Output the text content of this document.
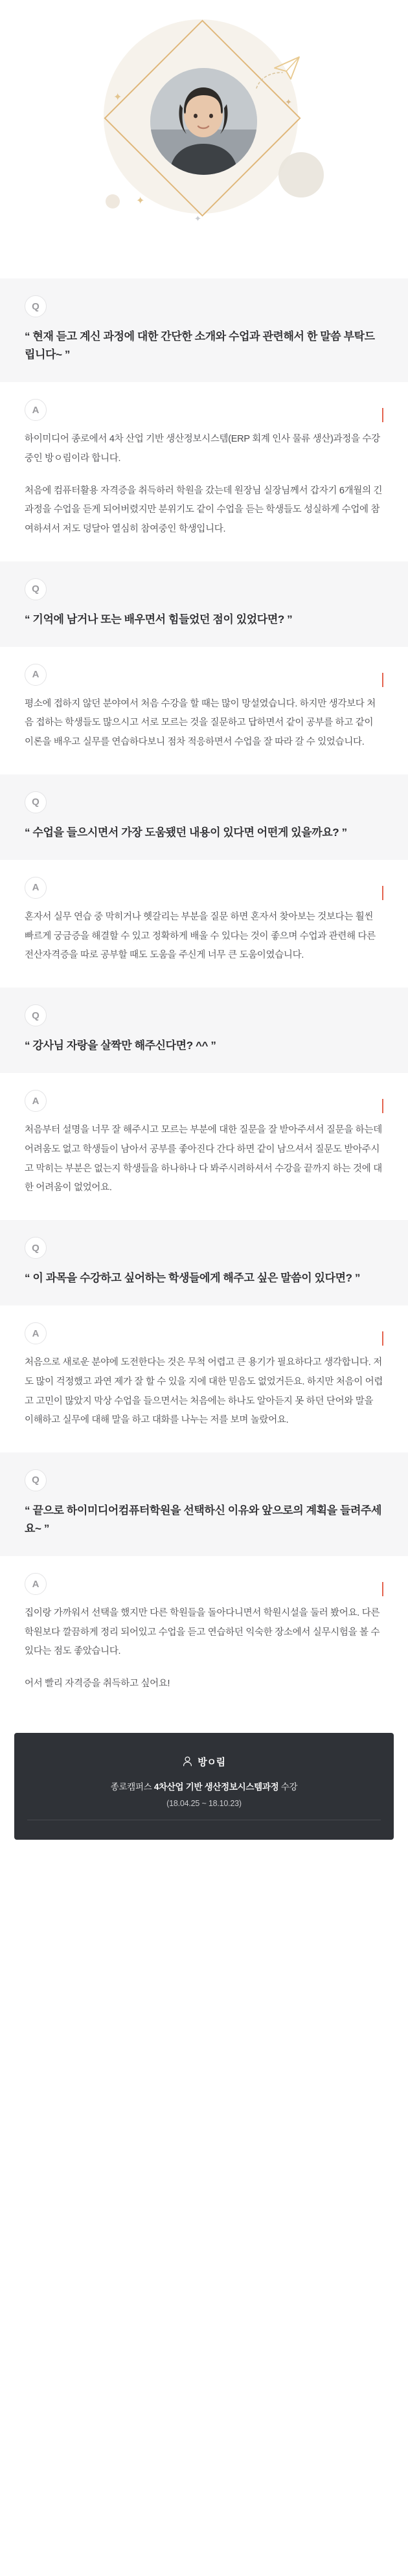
✦
✦
✦
✦
Q
“ 현재 듣고 계신 과정에 대한 간단한 소개와 수업과 관련해서 한 말씀 부탁드립니다~ ”
A

하이미디어 종로에서 4차 산업 기반 생산정보시스템(ERP 회계 인사 물류 생산)과정을 수강중인 방ㅇ림이라 합니다.

처음에 컴퓨터활용 자격증을 취득하러 학원을 갔는데 원장님 실장님께서 갑자기 6개월의 긴 과정을 수업을 듣게 되어버렸지만 분위기도 같이 수업을 듣는 학생들도 성실하게 수업에 참여하셔서 저도 덩달아 열심히 참여중인 학생입니다.

Q
“ 기억에 남거나 또는 배우면서 힘들었던 점이 있었다면? ”
A

평소에 접하지 않던 분야여서 처음 수강을 할 때는 많이 망설였습니다. 하지만 생각보다 처음 접하는 학생들도 많으시고 서로 모르는 것을 질문하고 답하면서 같이 공부를 하고 같이 이론을 배우고 실무를 연습하다보니 점차 적응하면서 수업을 잘 따라 갈 수 있었습니다.

Q
“ 수업을 들으시면서 가장 도움됐던 내용이 있다면 어떤게 있을까요? ”
A

혼자서 실무 연습 중 막히거나 헷갈리는 부분을 질문 하면 혼자서 찾아보는 것보다는 훨씬 빠르게 궁금증을 해결할 수 있고 정확하게 배울 수 있다는 것이 좋으며 수업과 관련해 다른 전산자격증을 따로 공부할 때도 도움을 주신게 너무 큰 도움이였습니다.

Q
“ 강사님 자랑을 살짝만 해주신다면? ^^ ”
A

처음부터 설명을 너무 잘 해주시고 모르는 부분에 대한 질문을 잘 받아주셔서 질문을 하는데 어려움도 없고 학생들이 남아서 공부를 좋아진다 간다 하면 같이 남으셔서 질문도 받아주시고 막히는 부분은 없는지 학생들을 하나하나 다 봐주시려하셔서 수강을 끝까지 하는 것에 대한 어려움이 없었어요.

Q
“ 이 과목을 수강하고 싶어하는 학생들에게 해주고 싶은 말씀이 있다면? ”
A

처음으로 새로운 분야에 도전한다는 것은 무척 어렵고 큰 용기가 필요하다고 생각합니다. 저도 많이 걱정했고 과연 제가 잘 할 수 있을 지에 대한 믿음도 없었거든요. 하지만 처음이 어렵고 고민이 많았지 막상 수업을 들으면서는 처음에는 하나도 알아듣지 못 하던 단어와 말을 이해하고 실무에 대해 말을 하고 대화를 나누는 저를 보며 놀랐어요.

Q
“ 끝으로 하이미디어컴퓨터학원을 선택하신 이유와 앞으로의 계획을 들려주세요~ ”
A

집이랑 가까워서 선택을 했지만 다른 학원들을 돌아다니면서 학원시설을 둘러 봤어요. 다른 학원보다 깔끔하게 정리 되어있고 수업을 듣고 연습하던 익숙한 장소에서 실무시험을 볼 수 있다는 점도 좋았습니다.

어서 빨리 자격증을 취득하고 싶어요!

방ㅇ림
종로캠퍼스 4차산업 기반 생산정보시스템과정 수강
(18.04.25 ~ 18.10.23)
